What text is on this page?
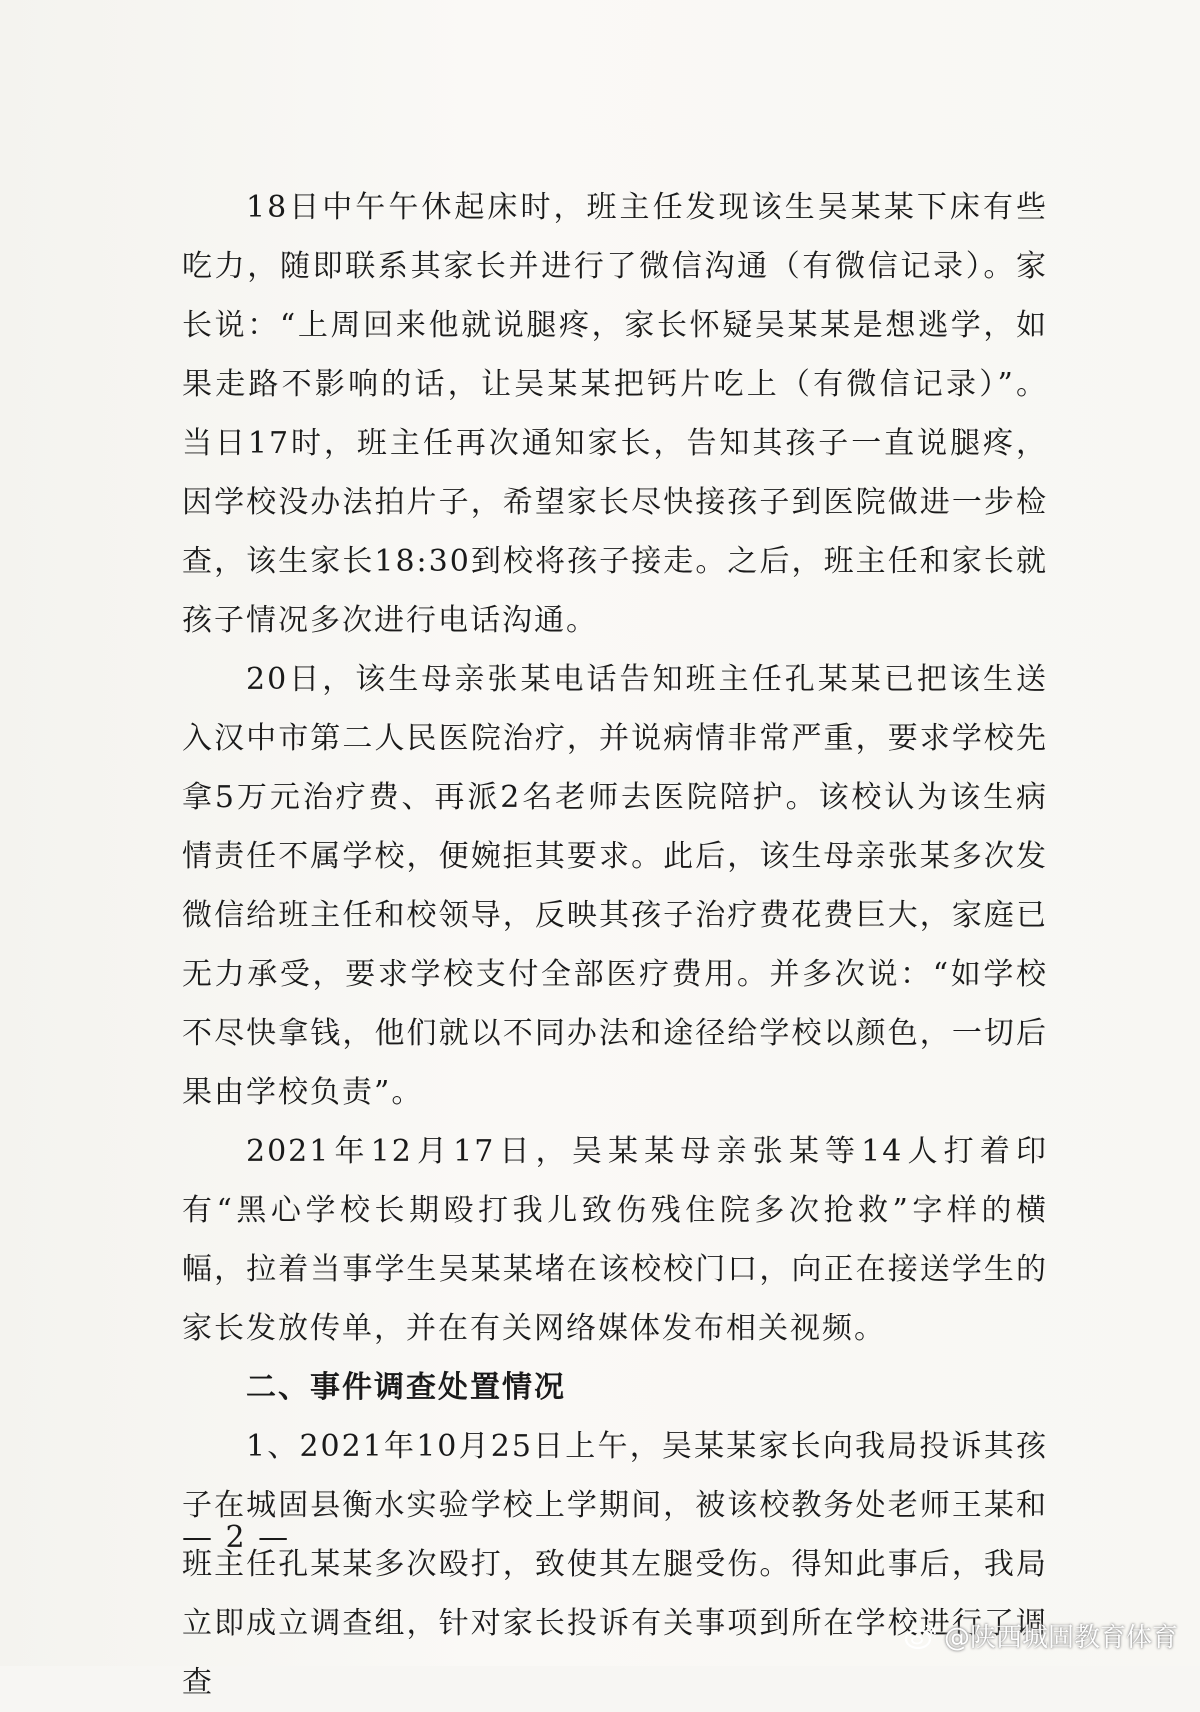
18日中午午休起床时，班主任发现该生吴某某下床有些吃力，随即联系其家长并进行了微信沟通（有微信记录）。家长说：“上周回来他就说腿疼，家长怀疑吴某某是想逃学，如果走路不影响的话，让吴某某把钙片吃上（有微信记录）”。当日17时，班主任再次通知家长，告知其孩子一直说腿疼，因学校没办法拍片子，希望家长尽快接孩子到医院做进一步检查，该生家长18:30到校将孩子接走。之后，班主任和家长就孩子情况多次进行电话沟通。

20日，该生母亲张某电话告知班主任孔某某已把该生送入汉中市第二人民医院治疗，并说病情非常严重，要求学校先拿5万元治疗费、再派2名老师去医院陪护。该校认为该生病情责任不属学校，便婉拒其要求。此后，该生母亲张某多次发微信给班主任和校领导，反映其孩子治疗费花费巨大，家庭已无力承受，要求学校支付全部医疗费用。并多次说：“如学校不尽快拿钱，他们就以不同办法和途径给学校以颜色，一切后果由学校负责”。

2021年12月17日，吴某某母亲张某等14人打着印有“黑心学校长期殴打我儿致伤残住院多次抢救”字样的横幅，拉着当事学生吴某某堵在该校校门口，向正在接送学生的家长发放传单，并在有关网络媒体发布相关视频。

二、事件调查处置情况

1、2021年10月25日上午，吴某某家长向我局投诉其孩子在城固县衡水实验学校上学期间，被该校教务处老师王某和班主任孔某某多次殴打，致使其左腿受伤。得知此事后，我局立即成立调查组，针对家长投诉有关事项到所在学校进行了调查

— 2 —
@陕西城固教育体育
